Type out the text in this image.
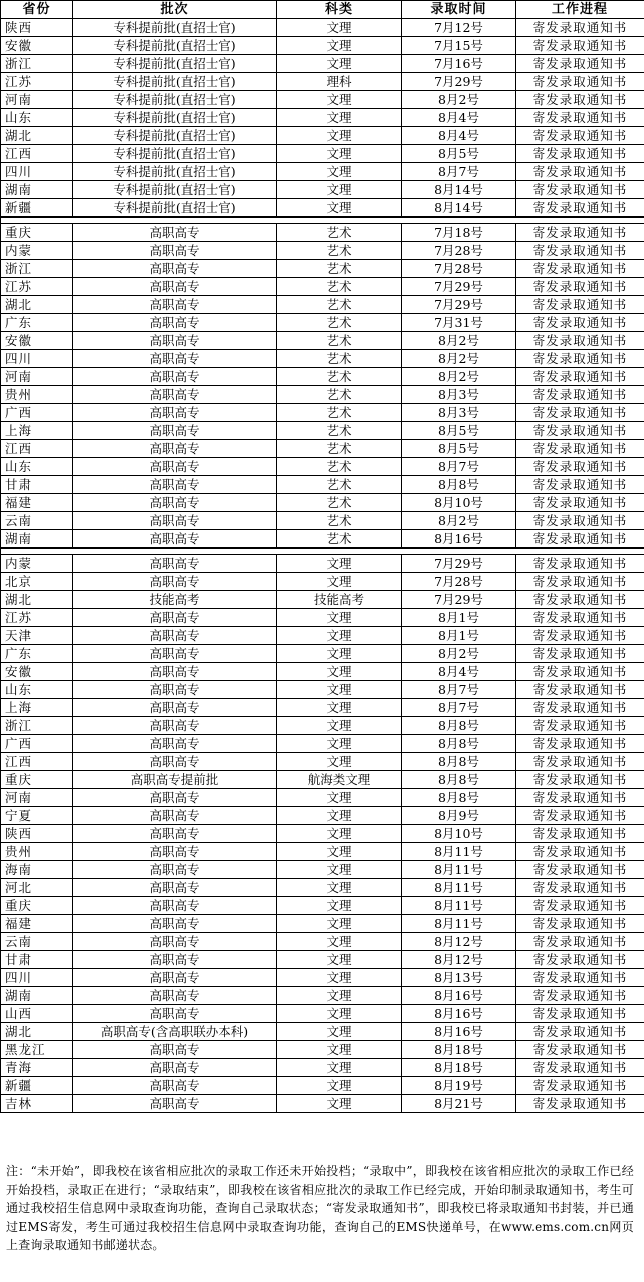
省份	批次	科类	录取时间	工作进程
陕西	专科提前批(直招士官)	文理	7月12号	寄发录取通知书
安徽	专科提前批(直招士官)	文理	7月15号	寄发录取通知书
浙江	专科提前批(直招士官)	文理	7月16号	寄发录取通知书
江苏	专科提前批(直招士官)	理科	7月29号	寄发录取通知书
河南	专科提前批(直招士官)	文理	8月2号	寄发录取通知书
山东	专科提前批(直招士官)	文理	8月4号	寄发录取通知书
湖北	专科提前批(直招士官)	文理	8月4号	寄发录取通知书
江西	专科提前批(直招士官)	文理	8月5号	寄发录取通知书
四川	专科提前批(直招士官)	文理	8月7号	寄发录取通知书
湖南	专科提前批(直招士官)	文理	8月14号	寄发录取通知书
新疆	专科提前批(直招士官)	文理	8月14号	寄发录取通知书

重庆	高职高专	艺术	7月18号	寄发录取通知书
内蒙	高职高专	艺术	7月28号	寄发录取通知书
浙江	高职高专	艺术	7月28号	寄发录取通知书
江苏	高职高专	艺术	7月29号	寄发录取通知书
湖北	高职高专	艺术	7月29号	寄发录取通知书
广东	高职高专	艺术	7月31号	寄发录取通知书
安徽	高职高专	艺术	8月2号	寄发录取通知书
四川	高职高专	艺术	8月2号	寄发录取通知书
河南	高职高专	艺术	8月2号	寄发录取通知书
贵州	高职高专	艺术	8月3号	寄发录取通知书
广西	高职高专	艺术	8月3号	寄发录取通知书
上海	高职高专	艺术	8月5号	寄发录取通知书
江西	高职高专	艺术	8月5号	寄发录取通知书
山东	高职高专	艺术	8月7号	寄发录取通知书
甘肃	高职高专	艺术	8月8号	寄发录取通知书
福建	高职高专	艺术	8月10号	寄发录取通知书
云南	高职高专	艺术	8月2号	寄发录取通知书
湖南	高职高专	艺术	8月16号	寄发录取通知书

内蒙	高职高专	文理	7月29号	寄发录取通知书
北京	高职高专	文理	7月28号	寄发录取通知书
湖北	技能高考	技能高考	7月29号	寄发录取通知书
江苏	高职高专	文理	8月1号	寄发录取通知书
天津	高职高专	文理	8月1号	寄发录取通知书
广东	高职高专	文理	8月2号	寄发录取通知书
安徽	高职高专	文理	8月4号	寄发录取通知书
山东	高职高专	文理	8月7号	寄发录取通知书
上海	高职高专	文理	8月7号	寄发录取通知书
浙江	高职高专	文理	8月8号	寄发录取通知书
广西	高职高专	文理	8月8号	寄发录取通知书
江西	高职高专	文理	8月8号	寄发录取通知书
重庆	高职高专提前批	航海类文理	8月8号	寄发录取通知书
河南	高职高专	文理	8月8号	寄发录取通知书
宁夏	高职高专	文理	8月9号	寄发录取通知书
陕西	高职高专	文理	8月10号	寄发录取通知书
贵州	高职高专	文理	8月11号	寄发录取通知书
海南	高职高专	文理	8月11号	寄发录取通知书
河北	高职高专	文理	8月11号	寄发录取通知书
重庆	高职高专	文理	8月11号	寄发录取通知书
福建	高职高专	文理	8月11号	寄发录取通知书
云南	高职高专	文理	8月12号	寄发录取通知书
甘肃	高职高专	文理	8月12号	寄发录取通知书
四川	高职高专	文理	8月13号	寄发录取通知书
湖南	高职高专	文理	8月16号	寄发录取通知书
山西	高职高专	文理	8月16号	寄发录取通知书
湖北	高职高专(含高职联办本科)	文理	8月16号	寄发录取通知书
黑龙江	高职高专	文理	8月18号	寄发录取通知书
青海	高职高专	文理	8月18号	寄发录取通知书
新疆	高职高专	文理	8月19号	寄发录取通知书
吉林	高职高专	文理	8月21号	寄发录取通知书
注：“未开始”，即我校在该省相应批次的录取工作还未开始投档；“录取中”，即我校在该省相应批次的录取工作已经开始投档，录取正在进行；“录取结束”，即我校在该省相应批次的录取工作已经完成，开始印制录取通知书，考生可通过我校招生信息网中录取查询功能，查询自己录取状态；“寄发录取通知书”，即我校已将录取通知书封装，并已通过EMS寄发，考生可通过我校招生信息网中录取查询功能，查询自己的EMS快递单号，在www.ems.com.cn网页上查询录取通知书邮递状态。
